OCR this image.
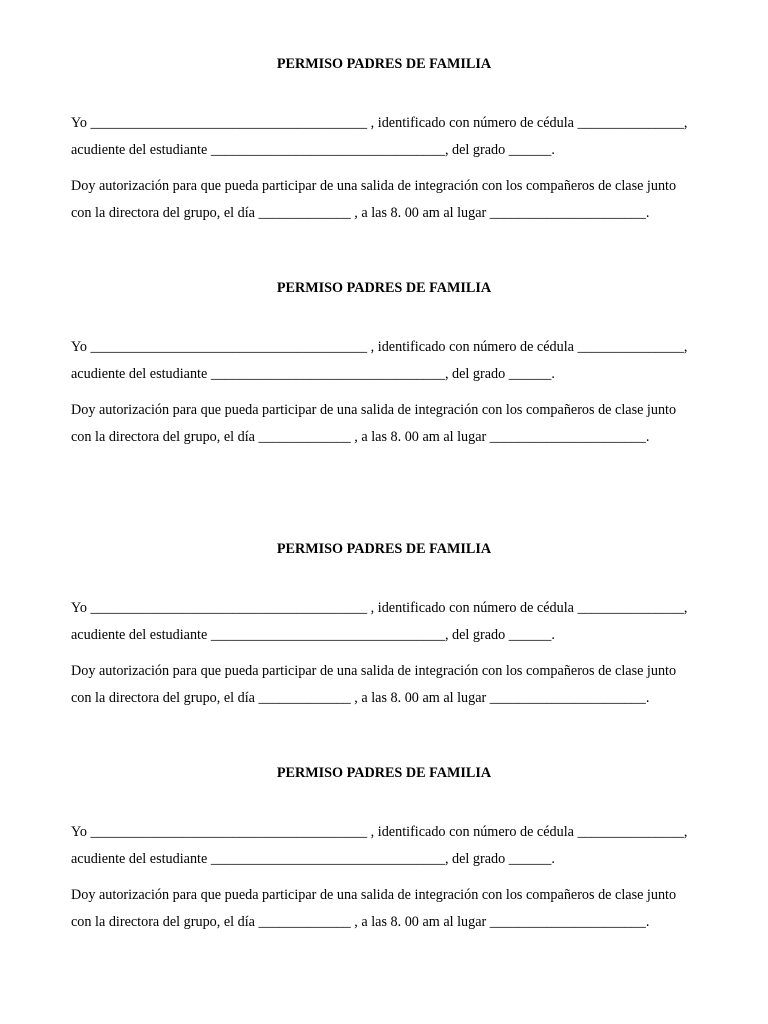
PERMISO PADRES DE FAMILIA
Yo _______________________________________ , identificado con número de cédula _______________,
acudiente del estudiante _________________________________, del grado ______.
Doy autorización para que pueda participar de una salida de integración con los compañeros de clase junto
con la directora del grupo, el día _____________ , a las 8. 00 am al lugar ______________________.
PERMISO PADRES DE FAMILIA
Yo _______________________________________ , identificado con número de cédula _______________,
acudiente del estudiante _________________________________, del grado ______.
Doy autorización para que pueda participar de una salida de integración con los compañeros de clase junto
con la directora del grupo, el día _____________ , a las 8. 00 am al lugar ______________________.
PERMISO PADRES DE FAMILIA
Yo _______________________________________ , identificado con número de cédula _______________,
acudiente del estudiante _________________________________, del grado ______.
Doy autorización para que pueda participar de una salida de integración con los compañeros de clase junto
con la directora del grupo, el día _____________ , a las 8. 00 am al lugar ______________________.
PERMISO PADRES DE FAMILIA
Yo _______________________________________ , identificado con número de cédula _______________,
acudiente del estudiante _________________________________, del grado ______.
Doy autorización para que pueda participar de una salida de integración con los compañeros de clase junto
con la directora del grupo, el día _____________ , a las 8. 00 am al lugar ______________________.
